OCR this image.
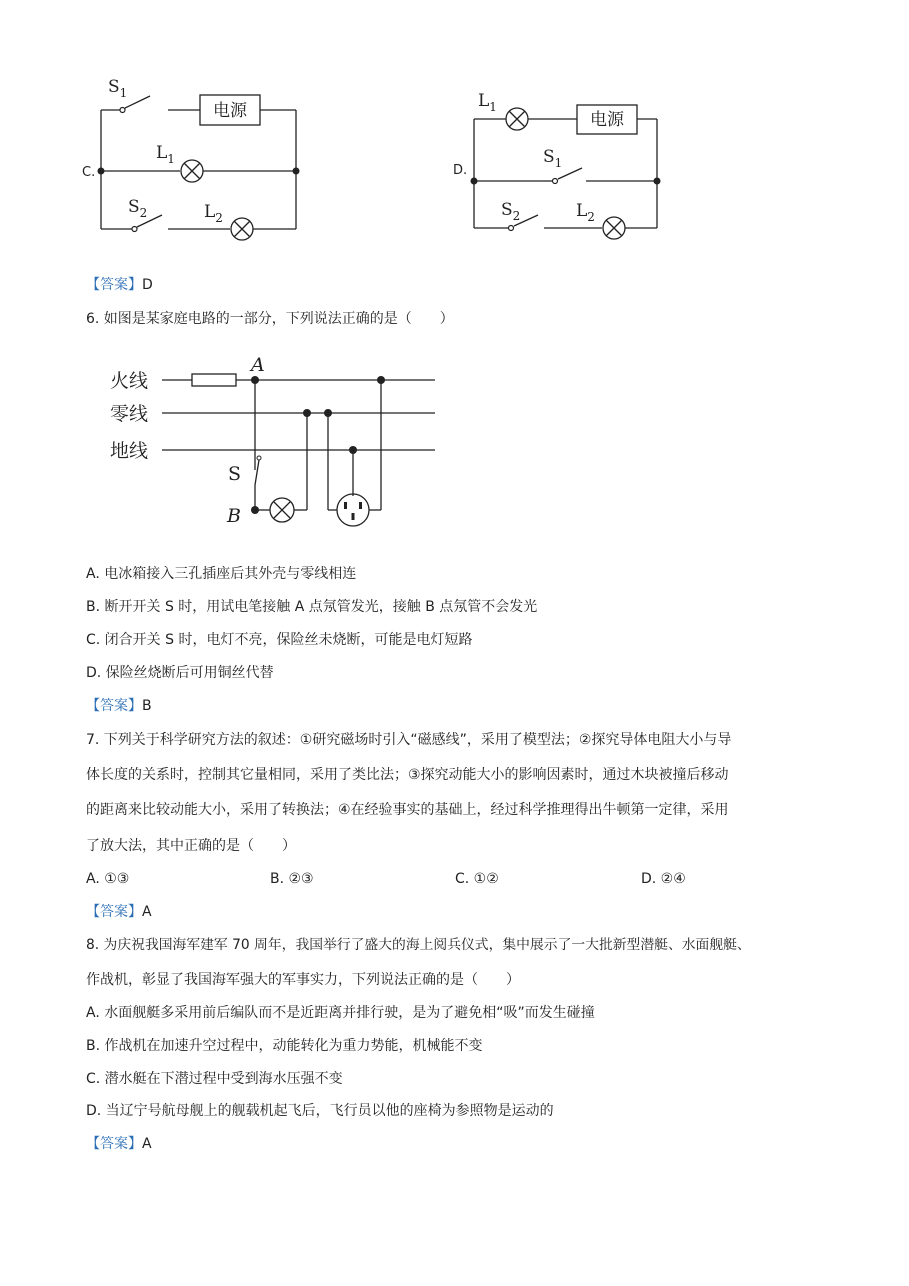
C.
$S_1$
电源
$L_1$
$S_2$	$L_2$
D.
$L_1$
电源
$S_1$
$S_2$	$L_2$
【答案】D
6. 如图是某家庭电路的一部分，下列说法正确的是（　　）
火线
零线
地线
A
B
S
A. 电冰箱接入三孔插座后其外壳与零线相连
B. 断开开关 S 时，用试电笔接触 A 点氖管发光，接触 B 点氖管不会发光
C. 闭合开关 S 时，电灯不亮，保险丝未烧断，可能是电灯短路
D. 保险丝烧断后可用铜丝代替
【答案】B
7. 下列关于科学研究方法的叙述：①研究磁场时引入“磁感线”，采用了模型法；②探究导体电阻大小与导
体长度的关系时，控制其它量相同，采用了类比法；③探究动能大小的影响因素时，通过木块被撞后移动
的距离来比较动能大小，采用了转换法；④在经验事实的基础上，经过科学推理得出牛顿第一定律，采用
了放大法，其中正确的是（　　）
A. ①③	B. ②③	C. ①②	D. ②④
【答案】A
8. 为庆祝我国海军建军 70 周年，我国举行了盛大的海上阅兵仪式，集中展示了一大批新型潜艇、水面舰艇、
作战机，彰显了我国海军强大的军事实力，下列说法正确的是（　　）
A. 水面舰艇多采用前后编队而不是近距离并排行驶，是为了避免相“吸”而发生碰撞
B. 作战机在加速升空过程中，动能转化为重力势能，机械能不变
C. 潜水艇在下潜过程中受到海水压强不变
D. 当辽宁号航母舰上的舰载机起飞后，飞行员以他的座椅为参照物是运动的
【答案】A
